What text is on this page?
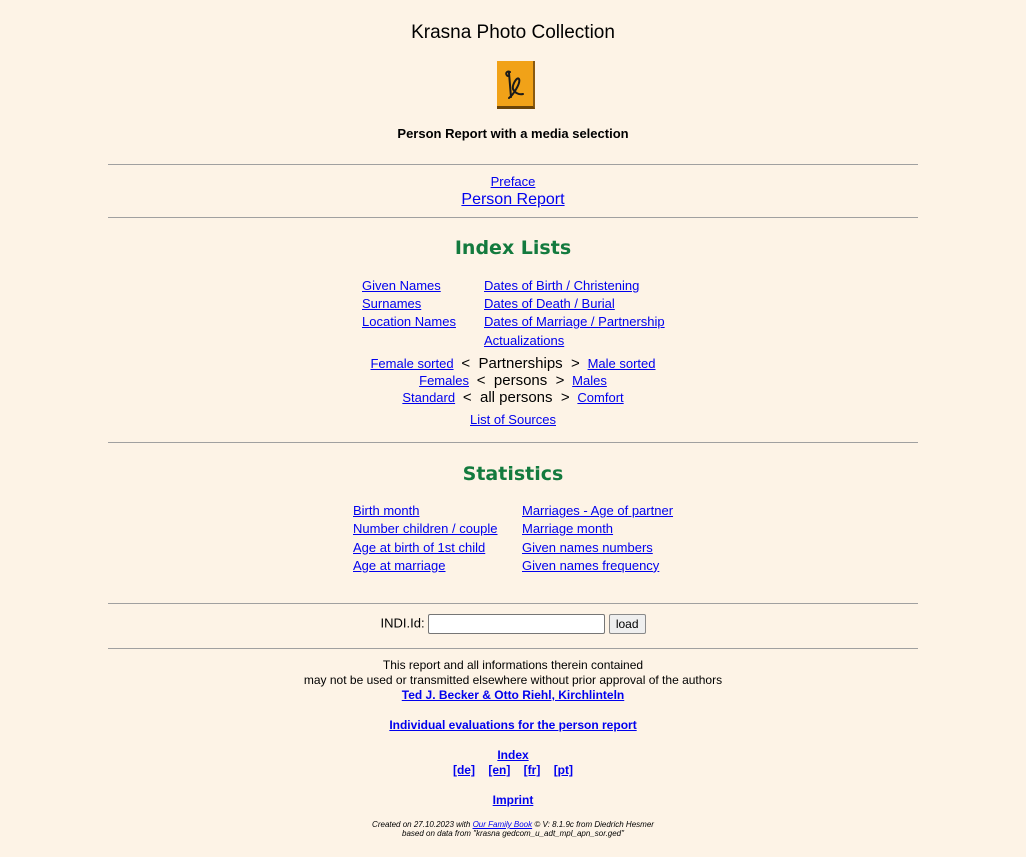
Krasna Photo Collection
Person Report with a media selection
Preface
Person Report
Index Lists
Given Names
Surnames
Location Names
Dates of Birth / Christening
Dates of Death / Burial
Dates of Marriage / Partnership
Actualizations
Female sorted  <  Partnerships  >  Male sorted
Females  <  persons  >  Males
Standard  <  all persons  >  Comfort
List of Sources
Statistics
Birth month
Number children / couple
Age at birth of 1st child
Age at marriage
Marriages - Age of partner
Marriage month
Given names numbers
Given names frequency
INDI.Id:	load
This report and all informations therein contained
may not be used or transmitted elsewhere without prior approval of the authors
Ted J. Becker & Otto Riehl, Kirchlinteln
Individual evaluations for the person report
Index
[de] [en] [fr] [pt]
Imprint
Created on 27.10.2023 with Our Family Book © V: 8.1.9c from Diedrich Hesmer
based on data from "krasna gedcom_u_adt_mpl_apn_sor.ged"
